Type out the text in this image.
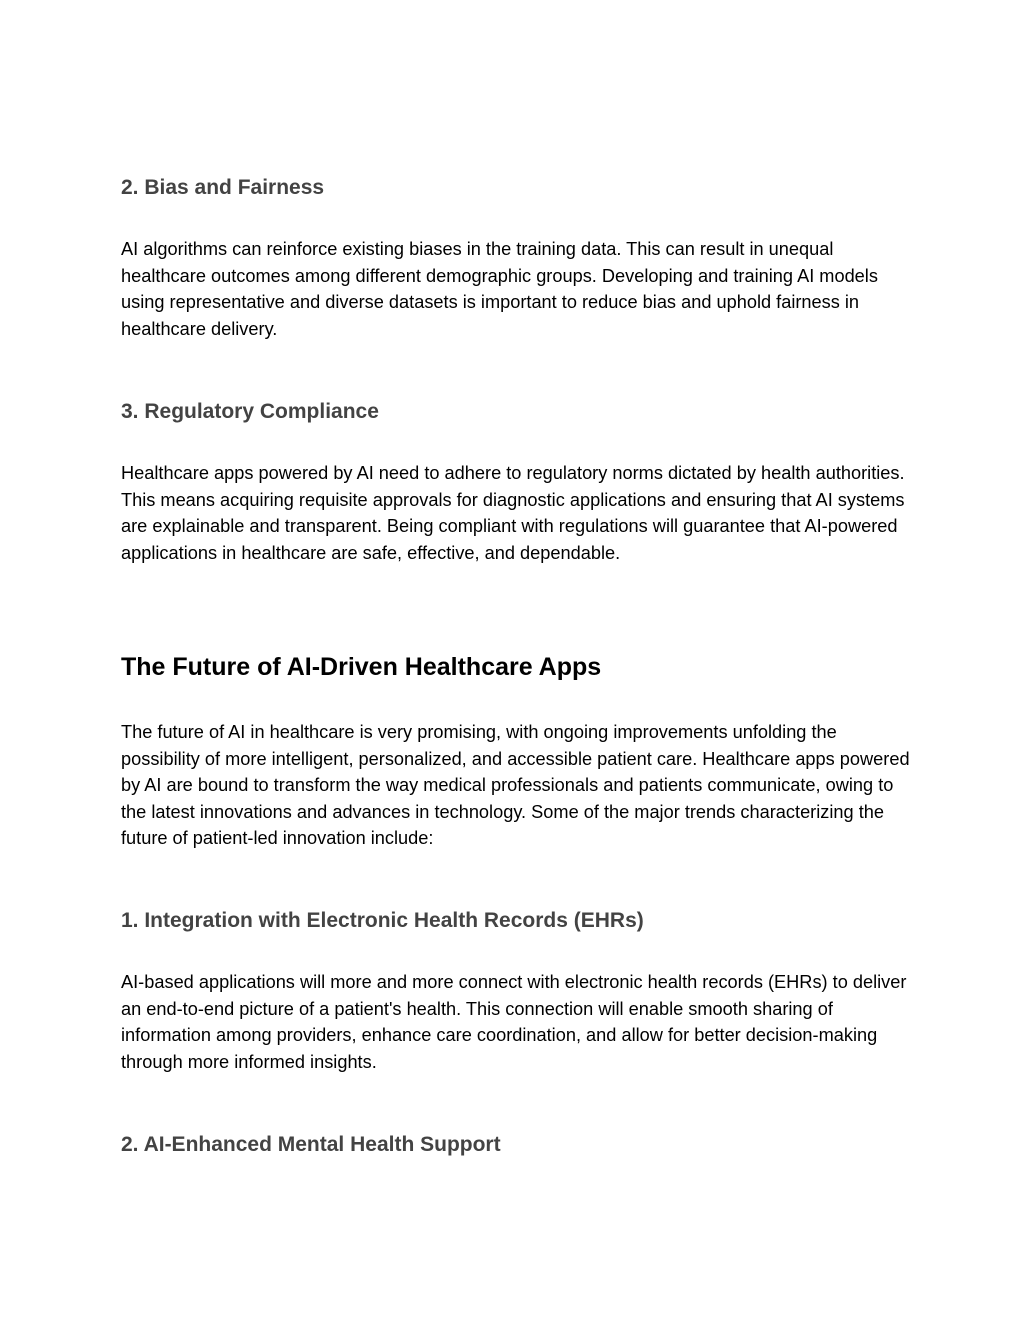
2. Bias and Fairness

AI algorithms can reinforce existing biases in the training data. This can result in unequal healthcare outcomes among different demographic groups. Developing and training AI models using representative and diverse datasets is important to reduce bias and uphold fairness in healthcare delivery.

3. Regulatory Compliance

Healthcare apps powered by AI need to adhere to regulatory norms dictated by health authorities. This means acquiring requisite approvals for diagnostic applications and ensuring that AI systems are explainable and transparent. Being compliant with regulations will guarantee that AI-powered applications in healthcare are safe, effective, and dependable.

The Future of AI-Driven Healthcare Apps

The future of AI in healthcare is very promising, with ongoing improvements unfolding the possibility of more intelligent, personalized, and accessible patient care. Healthcare apps powered by AI are bound to transform the way medical professionals and patients communicate, owing to the latest innovations and advances in technology. Some of the major trends characterizing the future of patient-led innovation include:

1. Integration with Electronic Health Records (EHRs)

AI-based applications will more and more connect with electronic health records (EHRs) to deliver an end-to-end picture of a patient's health. This connection will enable smooth sharing of information among providers, enhance care coordination, and allow for better decision-making through more informed insights.

2. AI-Enhanced Mental Health Support
